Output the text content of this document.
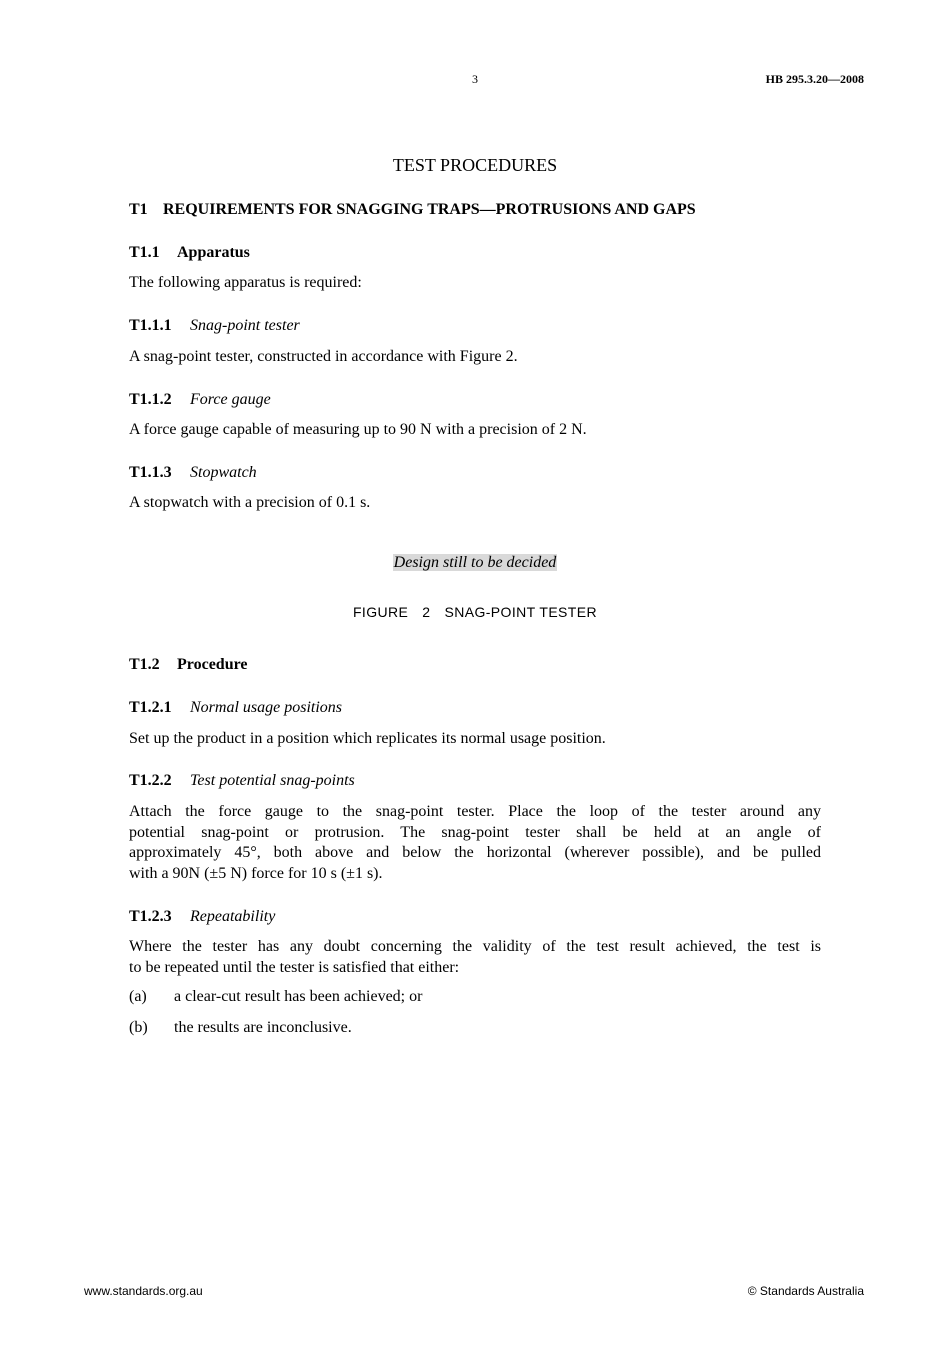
3	HB 295.3.20—2008
TEST PROCEDURES
T1 REQUIREMENTS FOR SNAGGING TRAPS—PROTRUSIONS AND GAPS
T1.1 Apparatus
The following apparatus is required:
T1.1.1 Snag-point tester
A snag-point tester, constructed in accordance with Figure 2.
T1.1.2 Force gauge
A force gauge capable of measuring up to 90 N with a precision of 2 N.
T1.1.3 Stopwatch
A stopwatch with a precision of 0.1 s.
Design still to be decided
FIGURE 2 SNAG-POINT TESTER
T1.2 Procedure
T1.2.1 Normal usage positions
Set up the product in a position which replicates its normal usage position.
T1.2.2 Test potential snag-points
Attach the force gauge to the snag-point tester. Place the loop of the tester around any
potential snag-point or protrusion. The snag-point tester shall be held at an angle of
approximately 45°, both above and below the horizontal (wherever possible), and be pulled
with a 90N (±5 N) force for 10 s (±1 s).
T1.2.3 Repeatability
Where the tester has any doubt concerning the validity of the test result achieved, the test is
to be repeated until the tester is satisfied that either:
(a) a clear-cut result has been achieved; or
(b) the results are inconclusive.
www.standards.org.au	© Standards Australia
